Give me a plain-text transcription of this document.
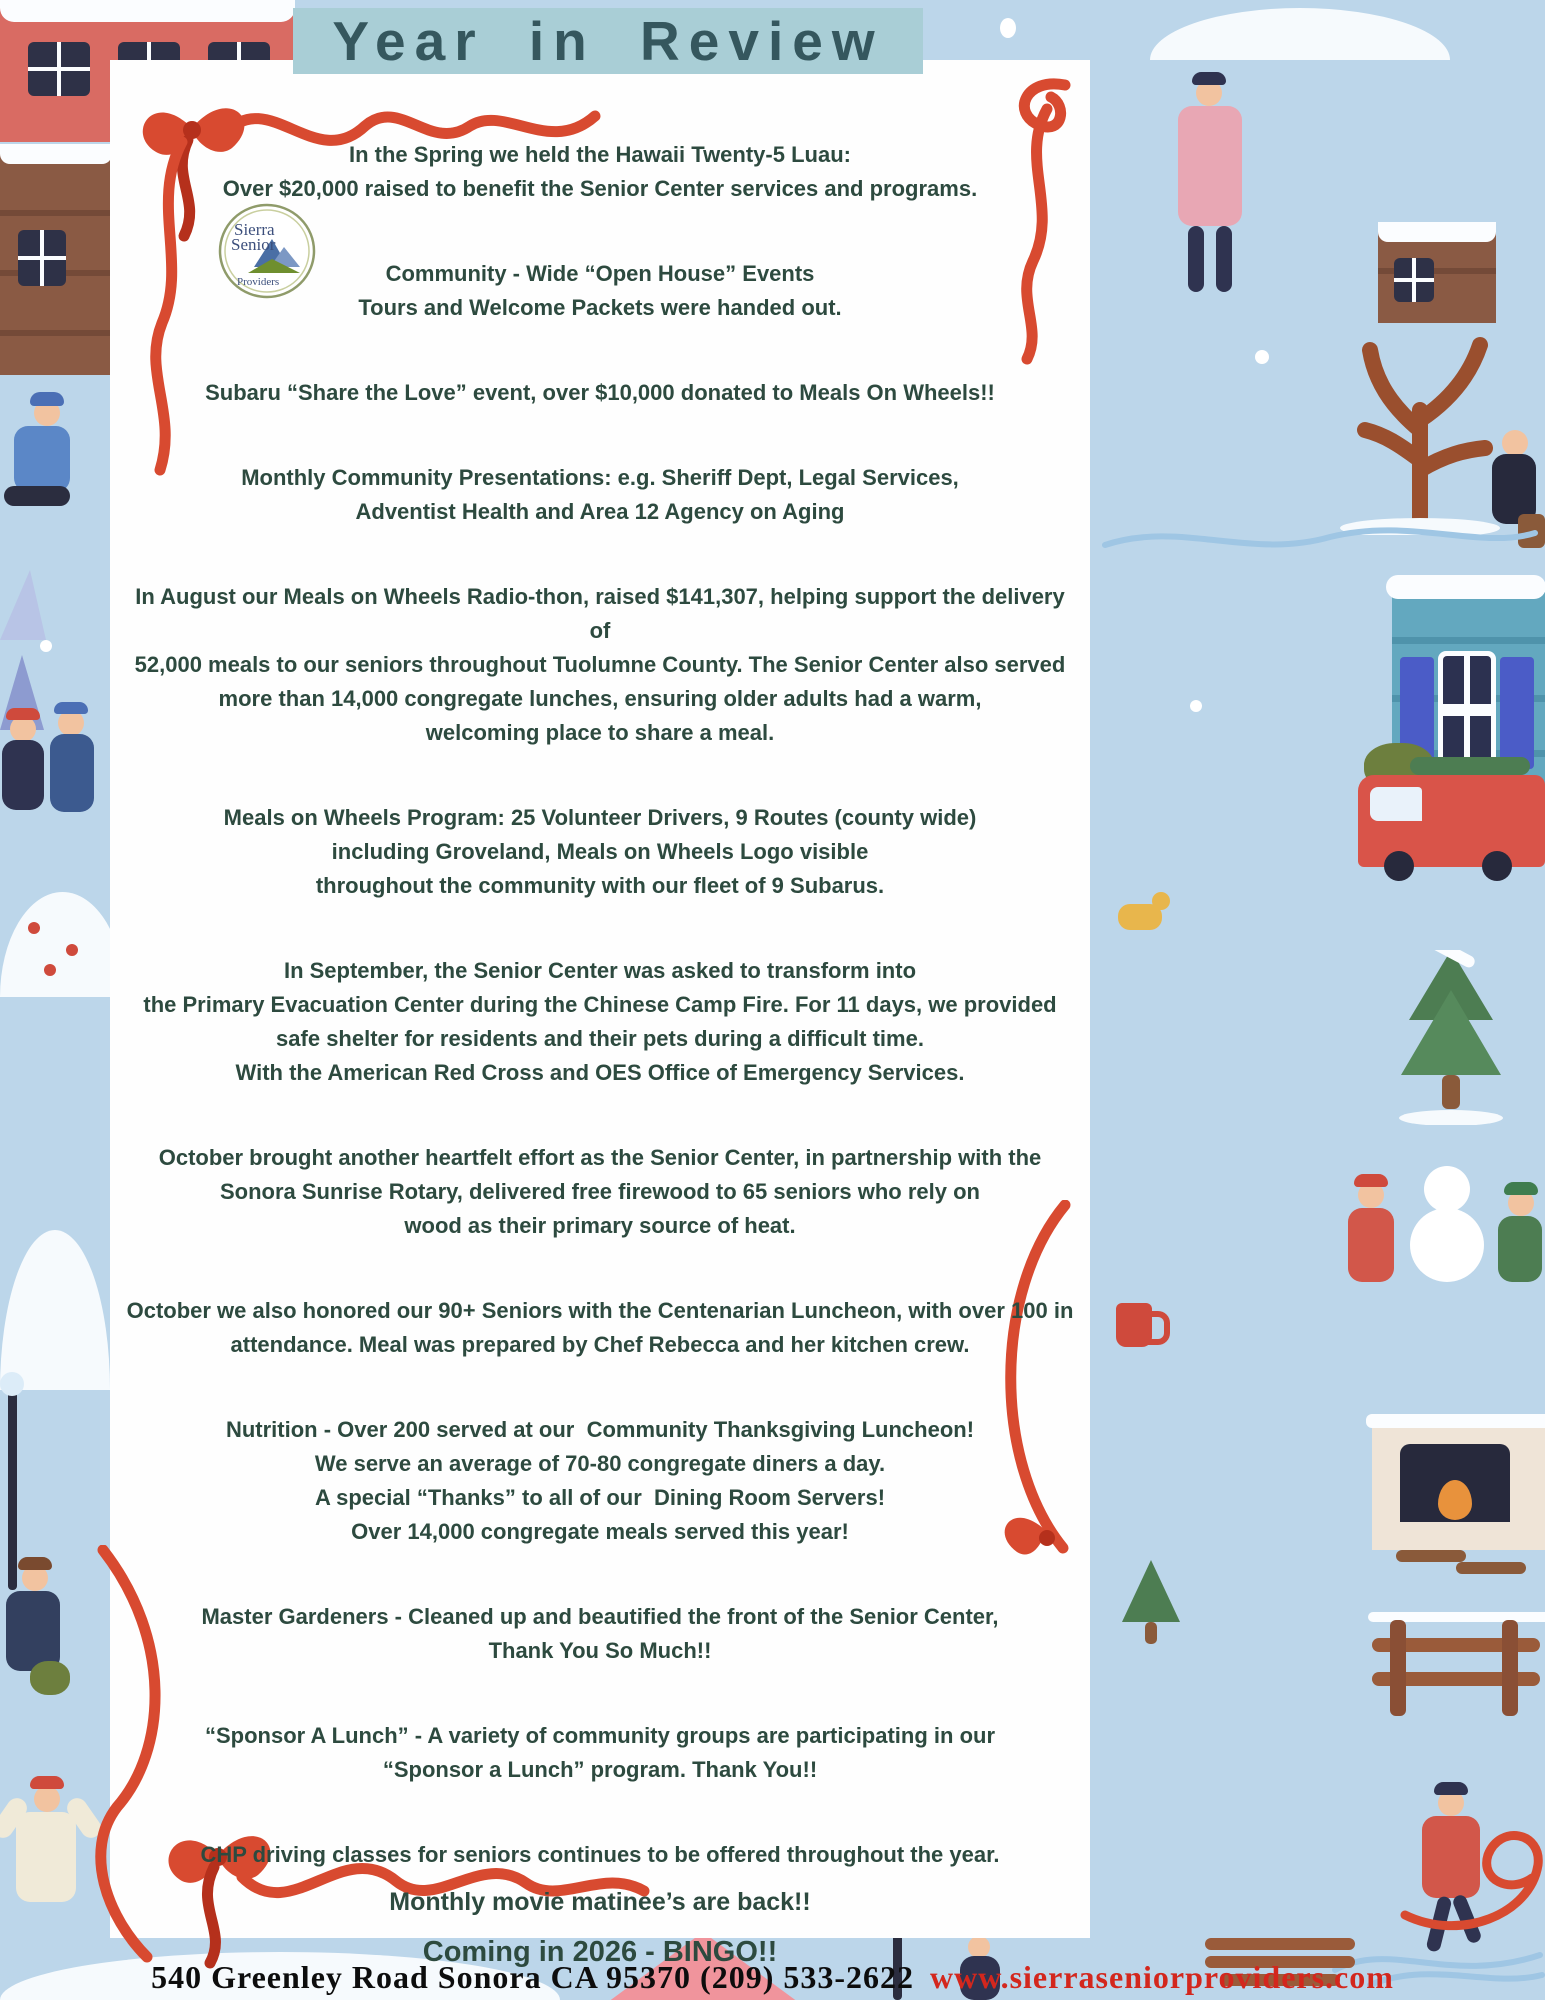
Year in Review
Sierra
Senior
Providers
In the Spring we held the Hawaii Twenty-5 Luau:
Over $20,000 raised to benefit the Senior Center services and programs.
Community - Wide “Open House” Events
Tours and Welcome Packets were handed out.
Subaru “Share the Love” event, over $10,000 donated to Meals On Wheels!!
Monthly Community Presentations: e.g. Sheriff Dept, Legal Services,
Adventist Health and Area 12 Agency on Aging
In August our Meals on Wheels Radio-thon, raised $141,307, helping support the delivery of
52,000 meals to our seniors throughout Tuolumne County. The Senior Center also served
more than 14,000 congregate lunches, ensuring older adults had a warm,
welcoming place to share a meal.
Meals on Wheels Program: 25 Volunteer Drivers, 9 Routes (county wide)
including Groveland, Meals on Wheels Logo visible
throughout the community with our fleet of 9 Subarus.
In September, the Senior Center was asked to transform into
the Primary Evacuation Center during the Chinese Camp Fire. For 11 days, we provided
safe shelter for residents and their pets during a difficult time.
With the American Red Cross and OES Office of Emergency Services.
October brought another heartfelt effort as the Senior Center, in partnership with the
Sonora Sunrise Rotary, delivered free firewood to 65 seniors who rely on
wood as their primary source of heat.
October we also honored our 90+ Seniors with the Centenarian Luncheon, with over 100 in
attendance. Meal was prepared by Chef Rebecca and her kitchen crew.
Nutrition - Over 200 served at our  Community Thanksgiving Luncheon!
We serve an average of 70-80 congregate diners a day.
A special “Thanks” to all of our  Dining Room Servers!
Over 14,000 congregate meals served this year!
Master Gardeners - Cleaned up and beautified the front of the Senior Center,
Thank You So Much!!
“Sponsor A Lunch” - A variety of community groups are participating in our
“Sponsor a Lunch” program. Thank You!!
CHP driving classes for seniors continues to be offered throughout the year.
Monthly movie matinee’s are back!!
Coming in 2026 - BINGO!!
540 Greenley Road Sonora CA 95370 (209) 533-2622 www.sierraseniorproviders.com
